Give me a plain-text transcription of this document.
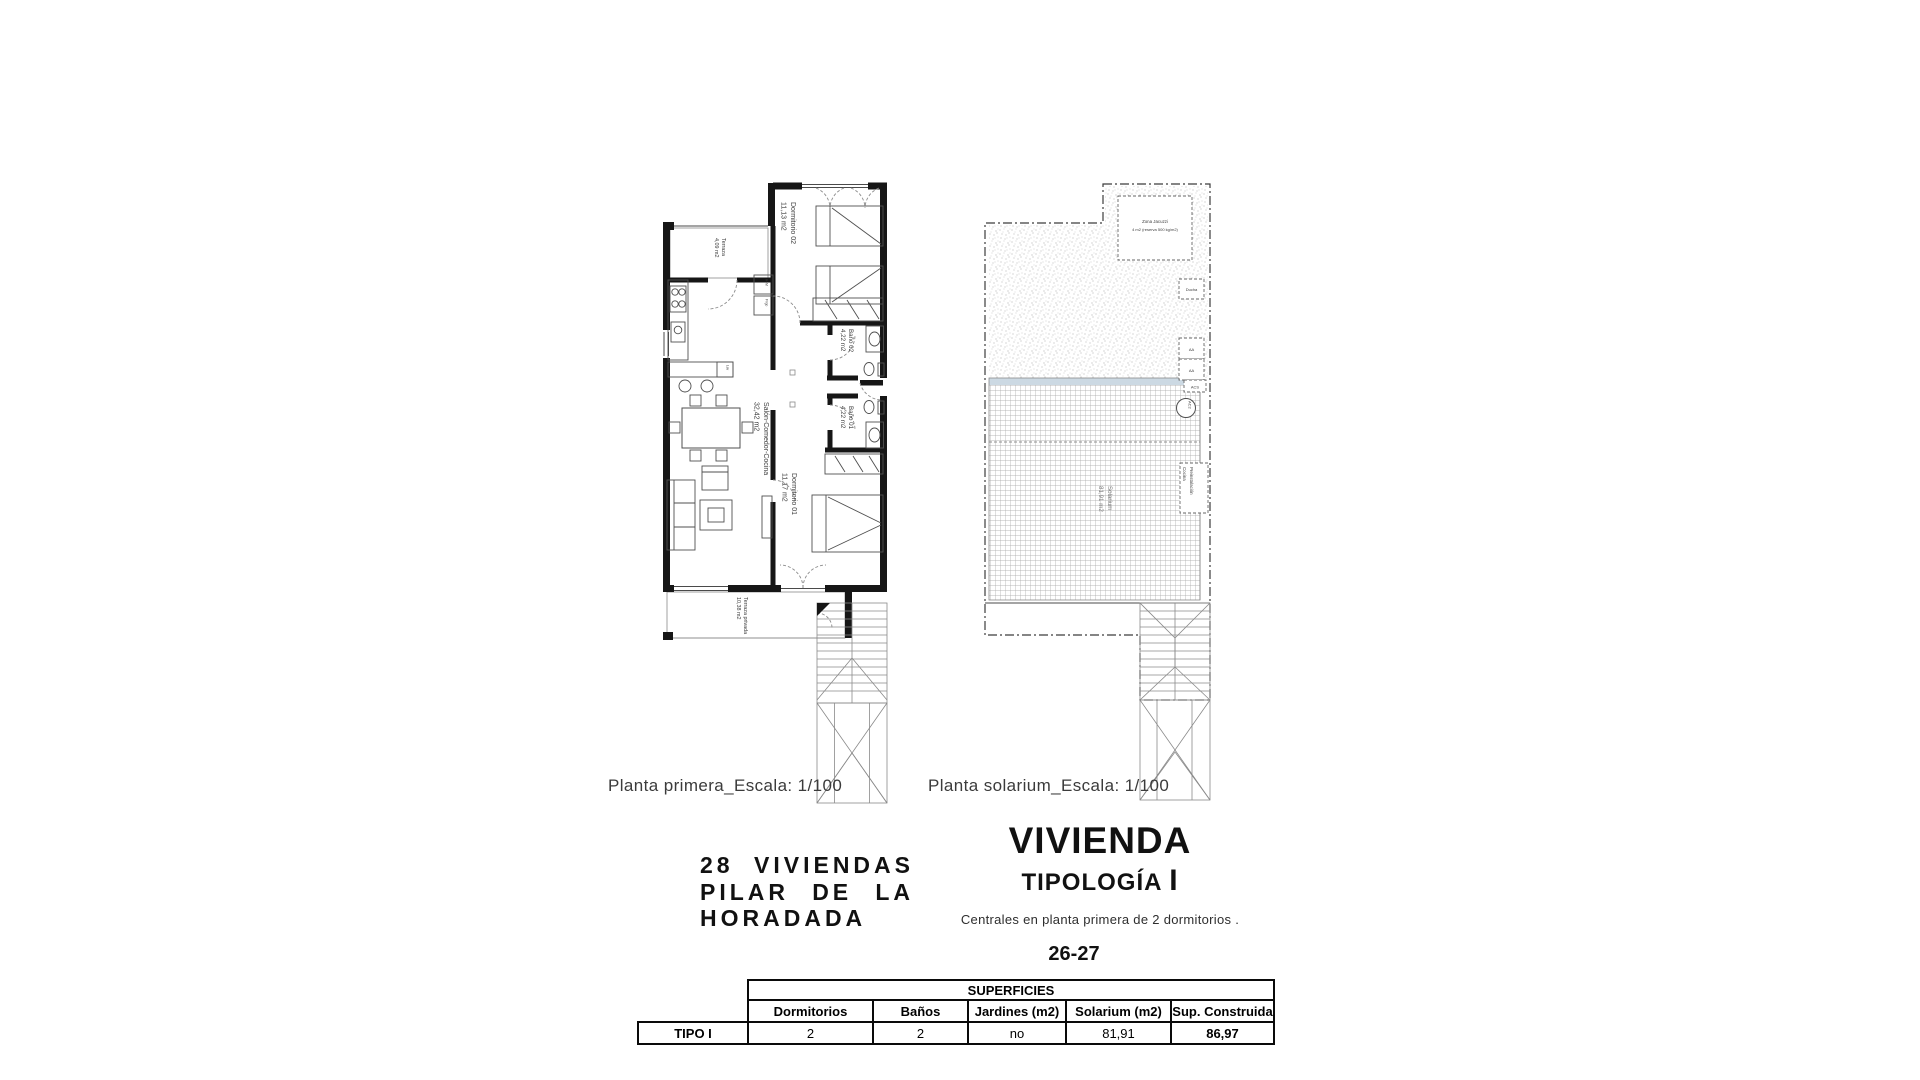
Dormitorio 02 11,13 m2
Baño 02 4,22 m2
Baño 01 4,22 m2
Dormitorio 01 11,17 m2
Salón-Comedor-Cocina 32,42 m2
Terraza 4,09 m2
Terraza privada 10,38 m2
H+M
Frigo
Lav
Zona Jacuzzi
4 m2 (reserva 500 kg/m2)
Ducha
AA
AA
ACS
AC2
Preinstalación Cocina
Solarium 81,91 m2
Planta primera_Escala: 1/100	Planta solarium_Escala: 1/100
28 VIVIENDAS
PILAR DE LA
HORADADA
VIVIENDA
TIPOLOGÍA I
Centrales en planta primera de 2 dormitorios .
26-27
	SUPERFICIES				
	Dormitorios	Baños	Jardines (m2)	Solarium (m2)	Sup. Construida
TIPO I	2	2	no	81,91	86,97
